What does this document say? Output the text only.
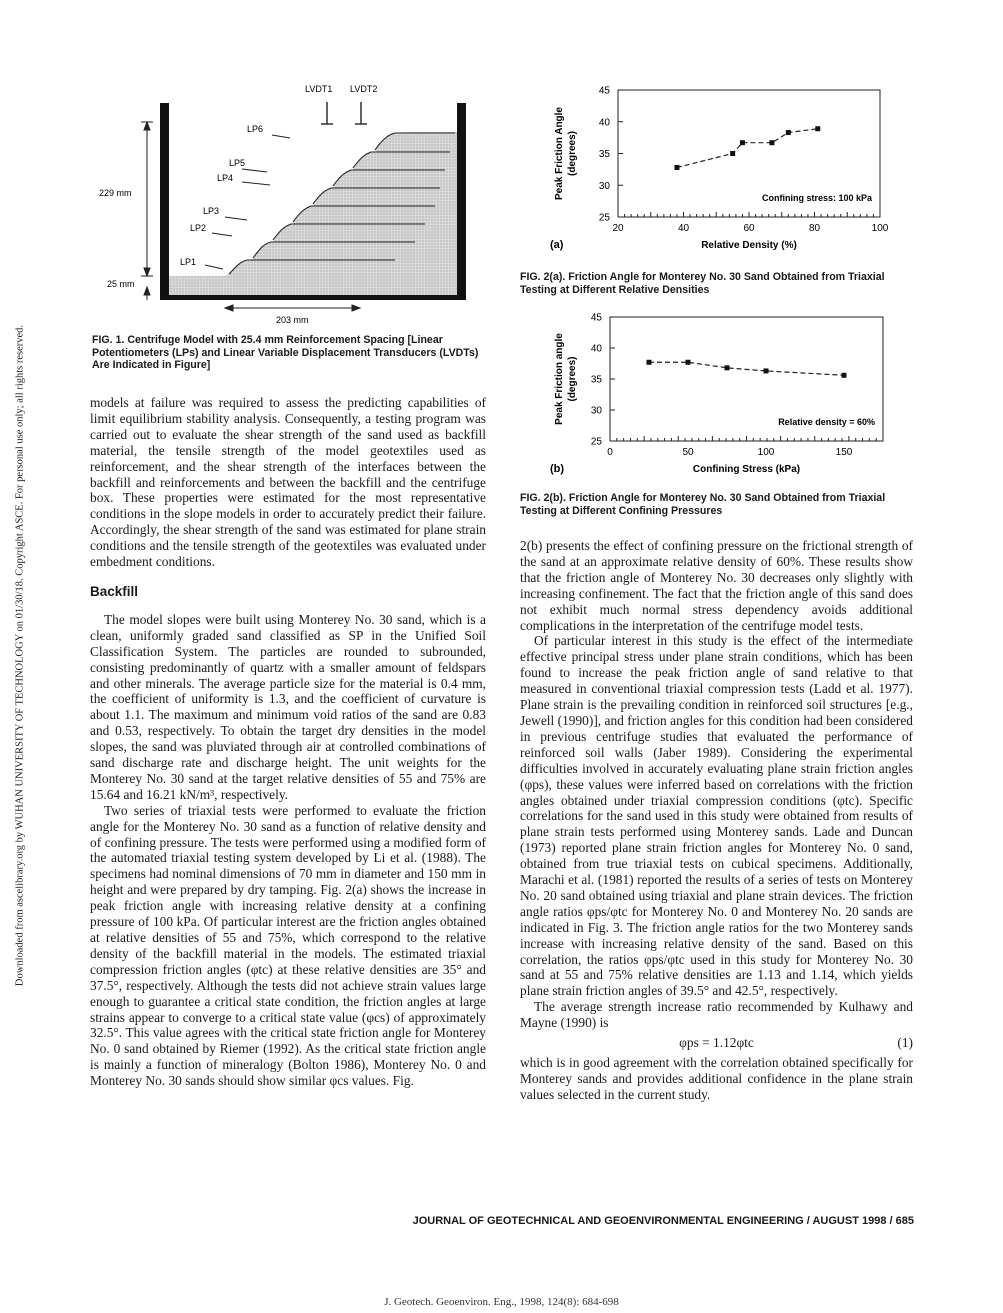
Downloaded from ascelibrary.org by WUHAN UNIVERSITY OF TECHNOLOGY on 01/30/18. Copyright ASCE. For personal use only; all rights reserved.
LVDT1 LVDT2
LP6
LP5
LP4
LP3
LP2
LP1
229 mm
25 mm
203 mm
FIG. 1. Centrifuge Model with 25.4 mm Reinforcement Spacing [Linear Potentiometers (LPs) and Linear Variable Displacement Transducers (LVDTs) Are Indicated in Figure]
25
30
35
40
45
20	40	60	80	100
Confining stress: 100 kPa
Relative Density (%)
Peak Friction Angle (degrees)
(a)
FIG. 2(a). Friction Angle for Monterey No. 30 Sand Obtained from Triaxial Testing at Different Relative Densities
25
30
35
40
45
0	50	100	150
Relative density = 60%
Confining Stress (kPa)
Peak Friction angle (degrees)
(b)
FIG. 2(b). Friction Angle for Monterey No. 30 Sand Obtained from Triaxial Testing at Different Confining Pressures

models at failure was required to assess the predicting capabilities of limit equilibrium stability analysis. Consequently, a testing program was carried out to evaluate the shear strength of the sand used as backfill material, the tensile strength of the model geotextiles used as reinforcement, and the shear strength of the interfaces between the backfill and reinforcements and between the backfill and the centrifuge box. These properties were estimated for the most representative conditions in the slope models in order to accurately predict their failure. Accordingly, the shear strength of the sand was estimated for plane strain conditions and the tensile strength of the geotextiles was evaluated under embedment conditions.

Backfill

The model slopes were built using Monterey No. 30 sand, which is a clean, uniformly graded sand classified as SP in the Unified Soil Classification System. The particles are rounded to subrounded, consisting predominantly of quartz with a smaller amount of feldspars and other minerals. The average particle size for the material is 0.4 mm, the coefficient of uniformity is 1.3, and the coefficient of curvature is about 1.1. The maximum and minimum void ratios of the sand are 0.83 and 0.53, respectively. To obtain the target dry densities in the model slopes, the sand was pluviated through air at controlled combinations of sand discharge rate and discharge height. The unit weights for the Monterey No. 30 sand at the target relative densities of 55 and 75% are 15.64 and 16.21 kN/m³, respectively.

Two series of triaxial tests were performed to evaluate the friction angle for the Monterey No. 30 sand as a function of relative density and of confining pressure. The tests were performed using a modified form of the automated triaxial testing system developed by Li et al. (1988). The specimens had nominal dimensions of 70 mm in diameter and 150 mm in height and were prepared by dry tamping. Fig. 2(a) shows the increase in peak friction angle with increasing relative density at a confining pressure of 100 kPa. Of particular interest are the friction angles obtained at relative densities of 55 and 75%, which correspond to the relative density of the backfill material in the models. The estimated triaxial compression friction angles (φtc) at these relative densities are 35° and 37.5°, respectively. Although the tests did not achieve strain values large enough to guarantee a critical state condition, the friction angles at large strains appear to converge to a critical state value (φcs) of approximately 32.5°. This value agrees with the critical state friction angle for Monterey No. 0 sand obtained by Riemer (1992). As the critical state friction angle is mainly a function of mineralogy (Bolton 1986), Monterey No. 0 and Monterey No. 30 sands should show similar φcs values. Fig.

2(b) presents the effect of confining pressure on the frictional strength of the sand at an approximate relative density of 60%. These results show that the friction angle of Monterey No. 30 decreases only slightly with increasing confinement. The fact that the friction angle of this sand does not exhibit much normal stress dependency avoids additional complications in the interpretation of the centrifuge model tests.

Of particular interest in this study is the effect of the intermediate effective principal stress under plane strain conditions, which has been found to increase the peak friction angle of sand relative to that measured in conventional triaxial compression tests (Ladd et al. 1977). Plane strain is the prevailing condition in reinforced soil structures [e.g., Jewell (1990)], and friction angles for this condition had been considered in previous centrifuge studies that evaluated the performance of reinforced soil walls (Jaber 1989). Considering the experimental difficulties involved in accurately evaluating plane strain friction angles (φps), these values were inferred based on correlations with the friction angles obtained under triaxial compression conditions (φtc). Specific correlations for the sand used in this study were obtained from results of plane strain tests performed using Monterey sands. Lade and Duncan (1973) reported plane strain friction angles for Monterey No. 0 sand, obtained from true triaxial tests on cubical specimens. Additionally, Marachi et al. (1981) reported the results of a series of tests on Monterey No. 20 sand obtained using triaxial and plane strain devices. The friction angle ratios φps/φtc for Monterey No. 0 and Monterey No. 20 sands are indicated in Fig. 3. The friction angle ratios for the two Monterey sands increase with increasing relative density of the sand. Based on this correlation, the ratios φps/φtc used in this study for Monterey No. 30 sand at 55 and 75% relative densities are 1.13 and 1.14, which yields plane strain friction angles of 39.5° and 42.5°, respectively.

The average strength increase ratio recommended by Kulhawy and Mayne (1990) is

φps = 1.12φtc	(1)

which is in good agreement with the correlation obtained specifically for Monterey sands and provides additional confidence in the plane strain values selected in the current study.

JOURNAL OF GEOTECHNICAL AND GEOENVIRONMENTAL ENGINEERING / AUGUST 1998 / 685
J. Geotech. Geoenviron. Eng., 1998, 124(8): 684-698
